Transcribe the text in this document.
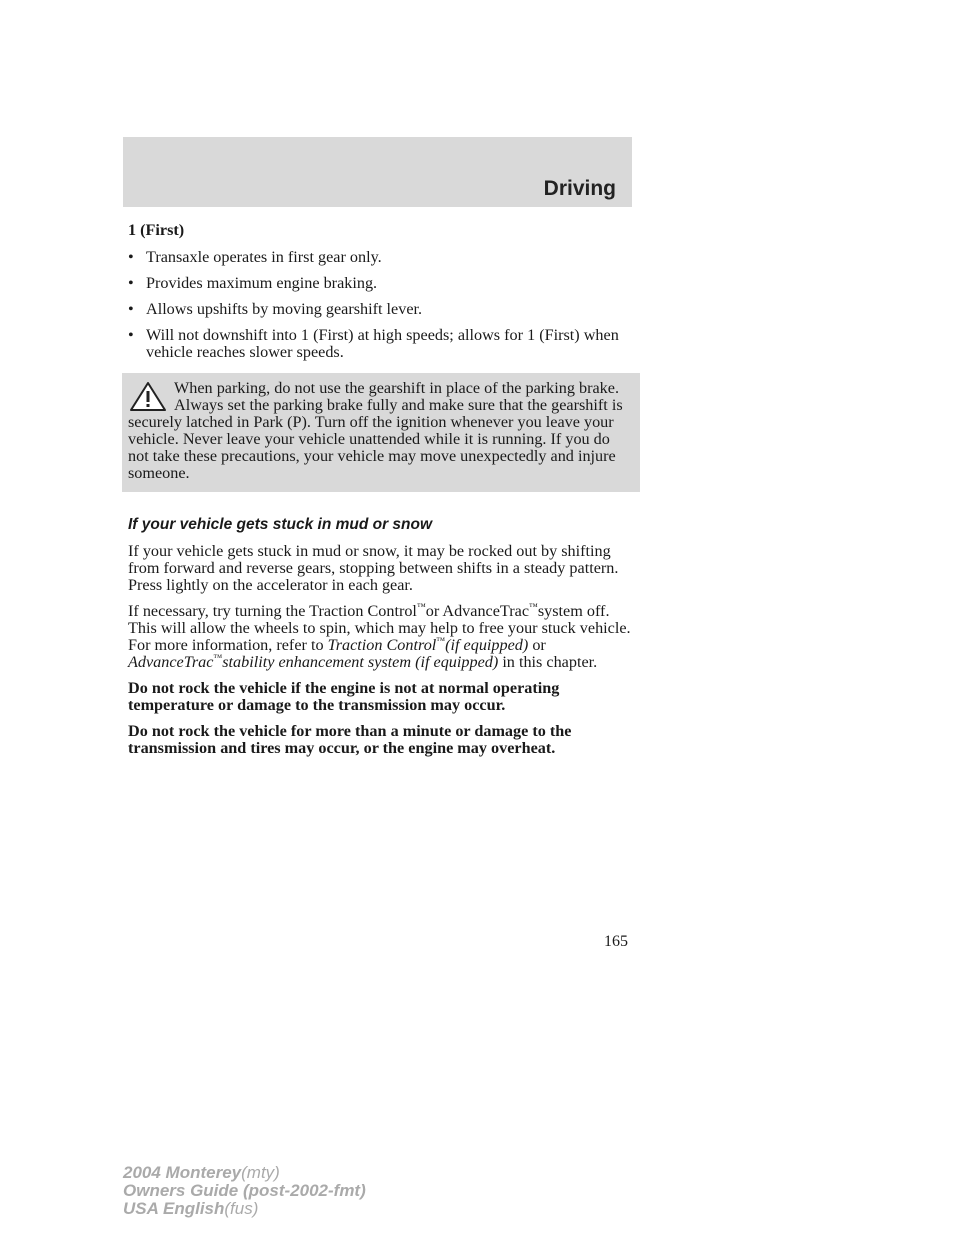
Driving
1 (First)
• Transaxle operates in first gear only.
• Provides maximum engine braking.
• Allows upshifts by moving gearshift lever.
• Will not downshift into 1 (First) at high speeds; allows for 1 (First) when vehicle reaches slower speeds.

When parking, do not use the gearshift in place of the parking brake. Always set the parking brake fully and make sure that the gearshift is securely latched in Park (P). Turn off the ignition whenever you leave your vehicle. Never leave your vehicle unattended while it is running. If you do not take these precautions, your vehicle may move unexpectedly and injure someone.

If your vehicle gets stuck in mud or snow

If your vehicle gets stuck in mud or snow, it may be rocked out by shifting from forward and reverse gears, stopping between shifts in a steady pattern. Press lightly on the accelerator in each gear.

If necessary, try turning the Traction Control™or AdvanceTrac™system off. This will allow the wheels to spin, which may help to free your stuck vehicle. For more information, refer to Traction Control™(if equipped) or AdvanceTrac™stability enhancement system (if equipped) in this chapter.

Do not rock the vehicle if the engine is not at normal operating temperature or damage to the transmission may occur.

Do not rock the vehicle for more than a minute or damage to the transmission and tires may occur, or the engine may overheat.

165
2004 Monterey(mty)
Owners Guide (post-2002-fmt)
USA English(fus)
